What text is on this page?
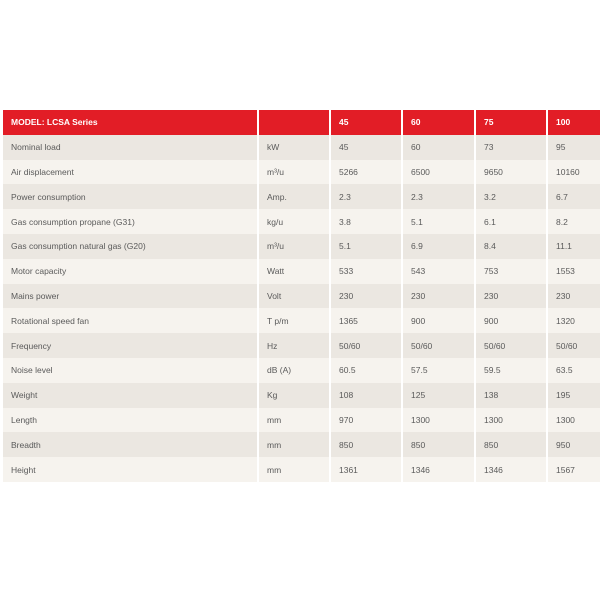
MODEL: LCSA Series		45	60	75	100
Nominal load	kW	45	60	73	95
Air displacement	m³/u	5266	6500	9650	10160
Power consumption	Amp.	2.3	2.3	3.2	6.7
Gas consumption propane (G31)	kg/u	3.8	5.1	6.1	8.2
Gas consumption natural gas (G20)	m³/u	5.1	6.9	8.4	11.1
Motor capacity	Watt	533	543	753	1553
Mains power	Volt	230	230	230	230
Rotational speed fan	T p/m	1365	900	900	1320
Frequency	Hz	50/60	50/60	50/60	50/60
Noise level	dB (A)	60.5	57.5	59.5	63.5
Weight	Kg	108	125	138	195
Length	mm	970	1300	1300	1300
Breadth	mm	850	850	850	950
Height	mm	1361	1346	1346	1567
